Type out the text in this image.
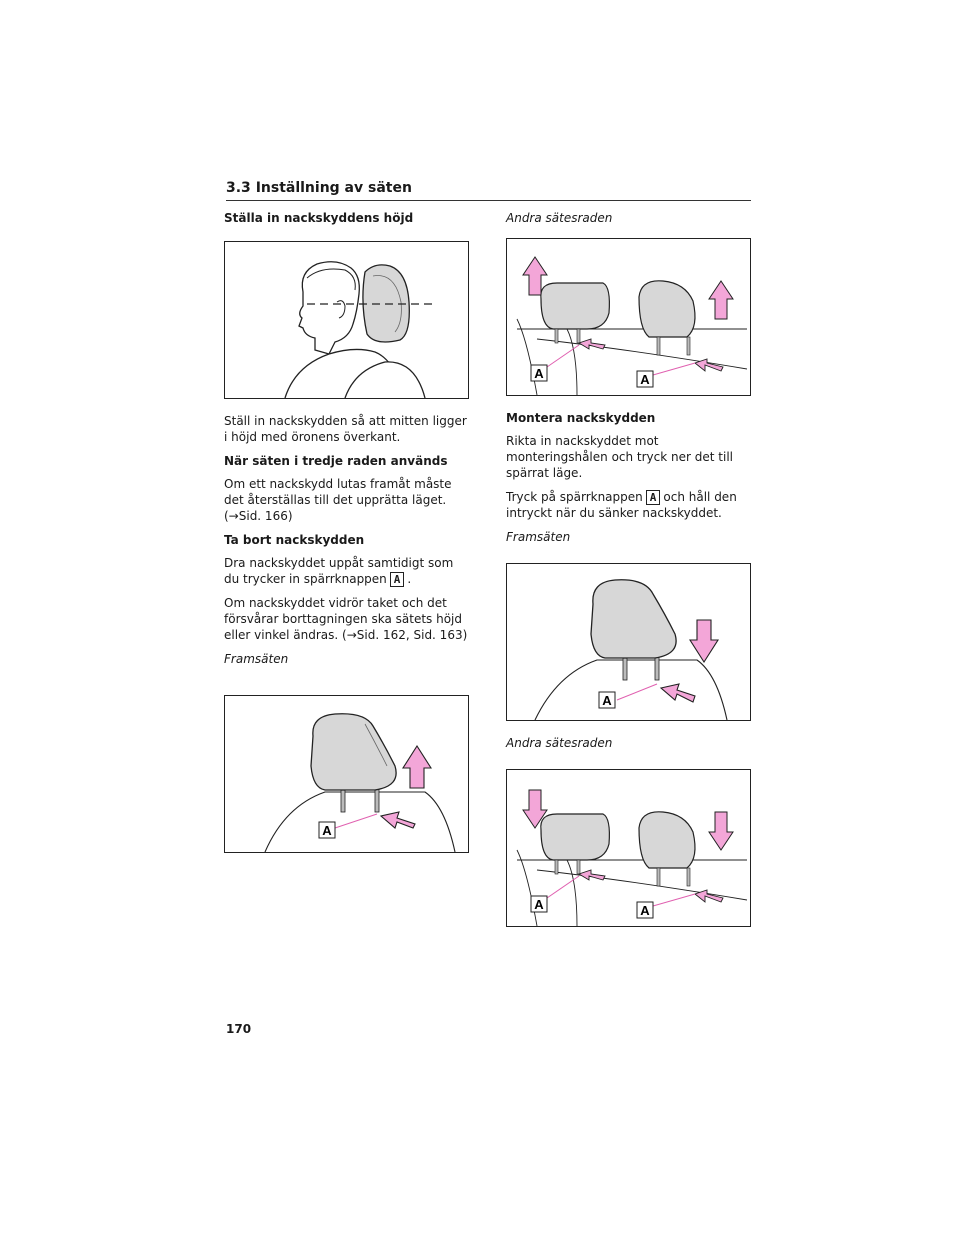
3.3 Inställning av säten
Ställa in nackskyddens höjd
Ställ in nackskydden så att mitten ligger i höjd med öronens överkant.
När säten i tredje raden används
Om ett nackskydd lutas framåt måste det återställas till det upprätta läget. (→Sid. 166)
Ta bort nackskydden
Dra nackskyddet uppåt samtidigt som du trycker in spärrknappen A .
Om nackskyddet vidrör taket och det försvårar borttagningen ska sätets höjd eller vinkel ändras. (→Sid. 162, Sid. 163)
Framsäten
A
Andra sätesraden
A	A
Montera nackskydden
Rikta in nackskyddet mot monteringshålen och tryck ner det till spärrat läge.
Tryck på spärrknappen A och håll den intryckt när du sänker nackskyddet.
Framsäten
A
Andra sätesraden
A	A
170
